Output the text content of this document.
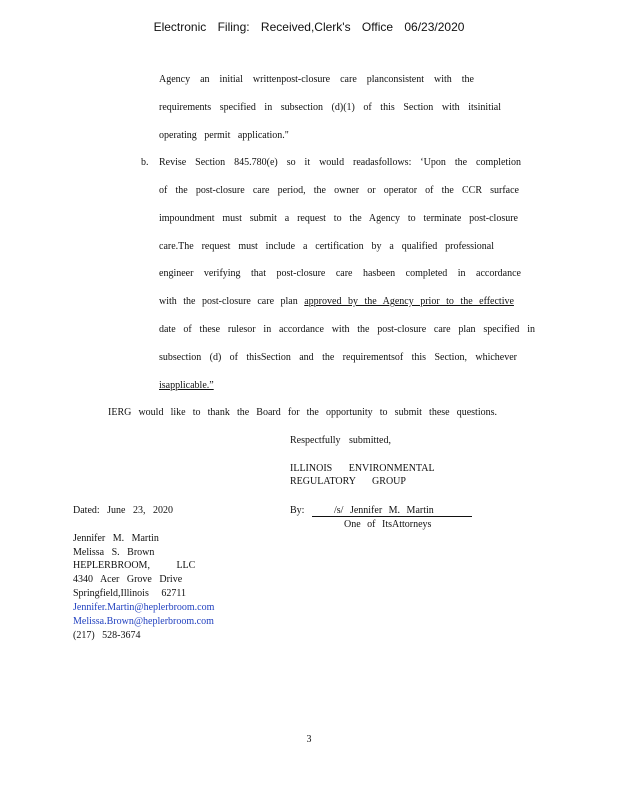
Electronic Filing: Received,Clerk's Office 06/23/2020
Agency an initial writtenpost-closure care planconsistent with the
requirements specified in subsection (d)(1) of this Section with itsinitial
operating permit application."
b. Revise Section 845.780(e) so it would readasfollows: ‘Upon the completion
of the post-closure care period, the owner or operator of the CCR surface
impoundment must submit a request to the Agency to terminate post-closure
care.The request must include a certification by a qualified professional
engineer verifying that post-closure care hasbeen completed in accordance
with the post-closure care plan approved by the Agency prior to the effective
date of these rulesor in accordance with the post-closure care plan specified in
subsection (d) of thisSection and the requirementsof this Section, whichever
isapplicable.”
IERG would like to thank the Board for the opportunity to submit these questions.
Respectfully submitted,
ILLINOIS ENVIRONMENTAL
REGULATORY GROUP
Dated: June 23, 2020	By:	/s/ Jennifer M. Martin
One of ItsAttorneys
Jennifer M. Martin
Melissa S. Brown
HEPLERBROOM, LLC
4340 Acer Grove Drive
Springfield,Illinois 62711
Jennifer.Martin@heplerbroom.com
Melissa.Brown@heplerbroom.com
(217) 528-3674
3
